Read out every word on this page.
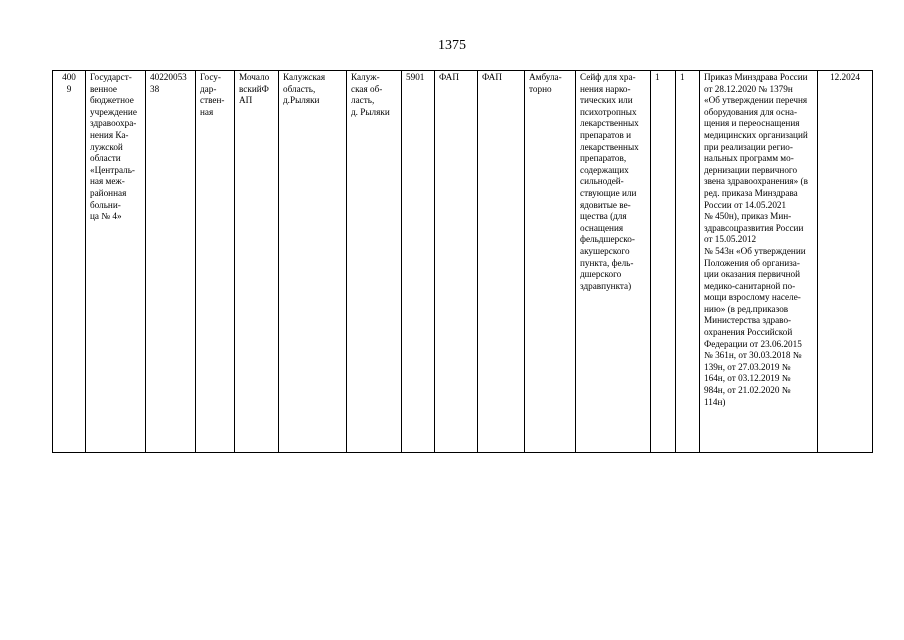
1375
400
9	Государст-
венное
бюджетное
учреждение
здравоохра-
нения Ка-
лужской
области
«Централь-
ная меж-
районная
больни-
ца № 4»	40220053
38	Госу-
дар-
ствен-
ная	Мочало
вскийФ
АП	Калужская
область,
д.Рыляки	Калуж-
ская об-
ласть,
д. Рыляки	5901	ФАП	ФАП	Амбула-
торно	Сейф для хра-
нения нарко-
тических или
психотропных
лекарственных
препаратов и
лекарственных
препаратов,
содержащих
сильнодей-
ствующие или
ядовитые ве-
щества (для
оснащения
фельдшерско-
акушерского
пункта, фель-
дшерского
здравпункта)	1	1	Приказ Минздрава России
от 28.12.2020 № 1379н
«Об утверждении перечня
оборудования для осна-
щения и переоснащения
медицинских организаций
при реализации регио-
нальных программ мо-
дернизации первичного
звена здравоохранения» (в
ред. приказа Минздрава
России от 14.05.2021
№ 450н), приказ Мин-
здравсоцразвития России
от 15.05.2012
№ 543н «Об утверждении
Положения об организа-
ции оказания первичной
медико-санитарной по-
мощи взрослому населе-
нию» (в ред.приказов
Министерства здраво-
охранения Российской
Федерации от 23.06.2015
№ 361н, от 30.03.2018 №
139н, от 27.03.2019 №
164н, от 03.12.2019 №
984н, от 21.02.2020 №
114н)	12.2024
